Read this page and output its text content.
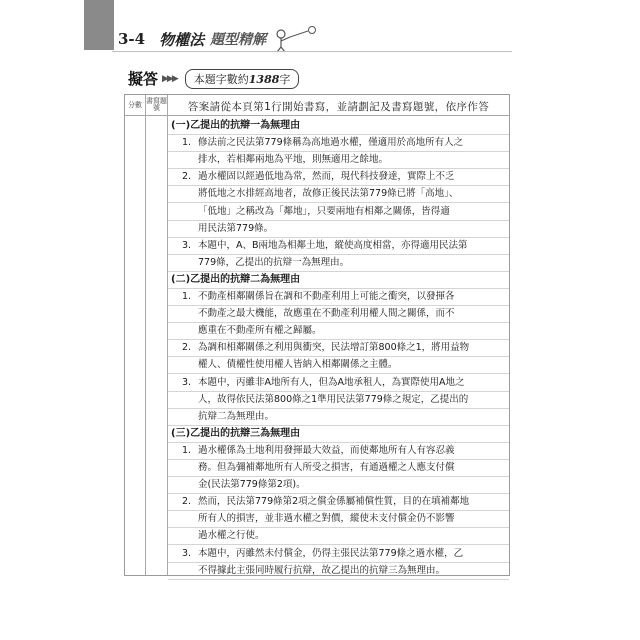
3-4 物權法 題型精解
擬答 ▶▶▶	本題字數約1388字
分數 書寫題號	答案請從本頁第1行開始書寫，並請劃記及書寫題號，依序作答
(一)乙提出的抗辯一為無理由
1. 修法前之民法第779條稱為高地過水權，僅適用於高地所有人之
排水，若相鄰兩地為平地，則無適用之餘地。
2. 過水權固以經過低地為常，然而，現代科技發達，實際上不乏
將低地之水排經高地者，故修正後民法第779條已將「高地」、
「低地」之稱改為「鄰地」，只要兩地有相鄰之關係，皆得適
用民法第779條。
3. 本題中，A、B兩地為相鄰土地，縱使高度相當，亦得適用民法第
779條，乙提出的抗辯一為無理由。
(二)乙提出的抗辯二為無理由
1. 不動產相鄰關係旨在調和不動產利用上可能之衝突，以發揮各
不動產之最大機能，故應重在不動產利用權人間之關係，而不
應重在不動產所有權之歸屬。
2. 為調和相鄰關係之利用與衝突，民法增訂第800條之1，將用益物
權人、債權性使用權人皆納入相鄰關係之主體。
3. 本題中，丙雖非A地所有人，但為A地承租人，為實際使用A地之
人，故得依民法第800條之1準用民法第779條之規定，乙提出的
抗辯二為無理由。
(三)乙提出的抗辯三為無理由
1. 過水權係為土地利用發揮最大效益，而使鄰地所有人有容忍義
務。但為彌補鄰地所有人所受之損害，有通過權之人應支付償
金(民法第779條第2項)。
2. 然而，民法第779條第2項之償金係屬補償性質，目的在填補鄰地
所有人的損害，並非過水權之對價，縱使未支付償金仍不影響
過水權之行使。
3. 本題中，丙雖然未付償金，仍得主張民法第779條之過水權，乙
不得據此主張同時履行抗辯，故乙提出的抗辯三為無理由。
